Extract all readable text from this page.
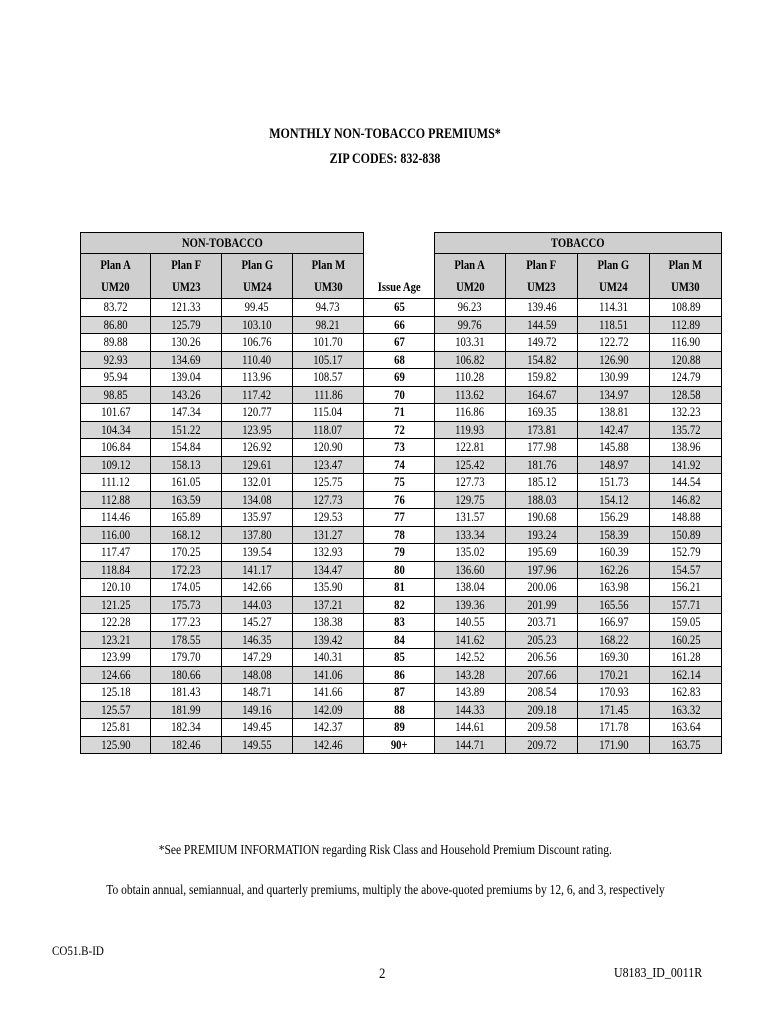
MONTHLY NON-TOBACCO PREMIUMS*
ZIP CODES: 832-838
NON-TOBACCO					TOBACCO			
Plan A	Plan F	Plan G	Plan M		Plan A	Plan F	Plan G	Plan M
UM20	UM23	UM24	UM30	Issue Age	UM20	UM23	UM24	UM30
83.72	121.33	99.45	94.73	65	96.23	139.46	114.31	108.89
86.80	125.79	103.10	98.21	66	99.76	144.59	118.51	112.89
89.88	130.26	106.76	101.70	67	103.31	149.72	122.72	116.90
92.93	134.69	110.40	105.17	68	106.82	154.82	126.90	120.88
95.94	139.04	113.96	108.57	69	110.28	159.82	130.99	124.79
98.85	143.26	117.42	111.86	70	113.62	164.67	134.97	128.58
101.67	147.34	120.77	115.04	71	116.86	169.35	138.81	132.23
104.34	151.22	123.95	118.07	72	119.93	173.81	142.47	135.72
106.84	154.84	126.92	120.90	73	122.81	177.98	145.88	138.96
109.12	158.13	129.61	123.47	74	125.42	181.76	148.97	141.92
111.12	161.05	132.01	125.75	75	127.73	185.12	151.73	144.54
112.88	163.59	134.08	127.73	76	129.75	188.03	154.12	146.82
114.46	165.89	135.97	129.53	77	131.57	190.68	156.29	148.88
116.00	168.12	137.80	131.27	78	133.34	193.24	158.39	150.89
117.47	170.25	139.54	132.93	79	135.02	195.69	160.39	152.79
118.84	172.23	141.17	134.47	80	136.60	197.96	162.26	154.57
120.10	174.05	142.66	135.90	81	138.04	200.06	163.98	156.21
121.25	175.73	144.03	137.21	82	139.36	201.99	165.56	157.71
122.28	177.23	145.27	138.38	83	140.55	203.71	166.97	159.05
123.21	178.55	146.35	139.42	84	141.62	205.23	168.22	160.25
123.99	179.70	147.29	140.31	85	142.52	206.56	169.30	161.28
124.66	180.66	148.08	141.06	86	143.28	207.66	170.21	162.14
125.18	181.43	148.71	141.66	87	143.89	208.54	170.93	162.83
125.57	181.99	149.16	142.09	88	144.33	209.18	171.45	163.32
125.81	182.34	149.45	142.37	89	144.61	209.58	171.78	163.64
125.90	182.46	149.55	142.46	90+	144.71	209.72	171.90	163.75
*See PREMIUM INFORMATION regarding Risk Class and Household Premium Discount rating.
To obtain annual, semiannual, and quarterly premiums, multiply the above-quoted premiums by 12, 6, and 3, respectively
CO51.B-ID
2	U8183_ID_0011R
